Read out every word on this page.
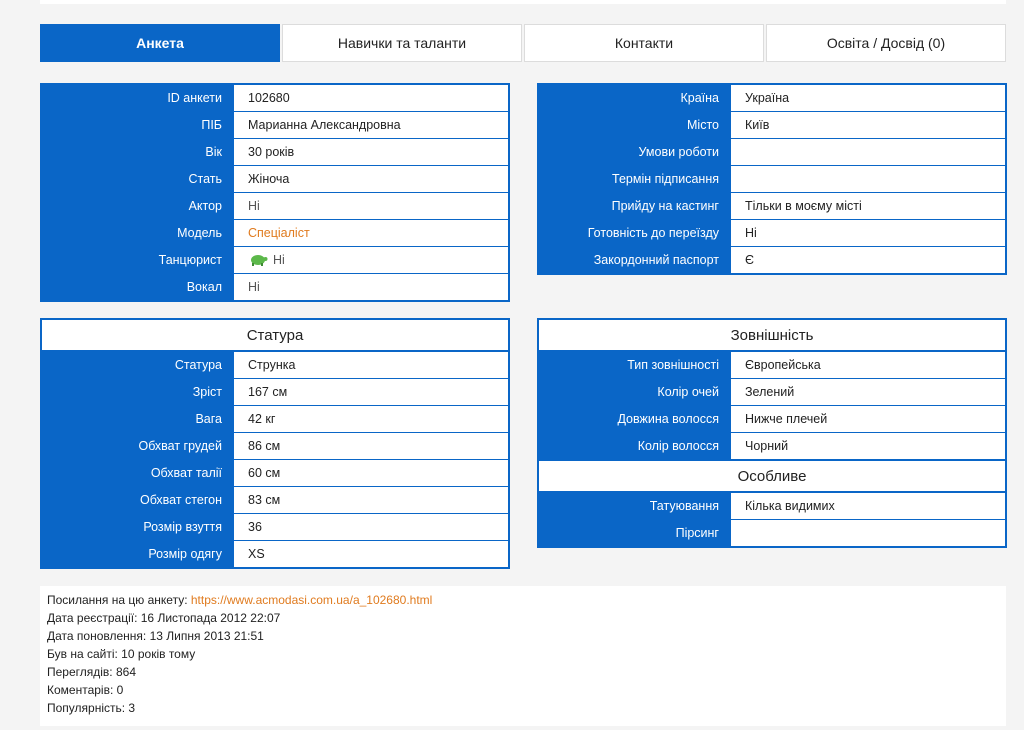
Анкета	Навички та таланти	Контакти	Освіта / Досвід (0)
ID анкети	102680
ПІБ	Марианна Александровна
Вік	30 років
Стать	Жіноча
Актор	Ні
Модель	Спеціаліст
Танцюрист	Ні
Вокал	Ні
Країна	Україна
Місто	Київ
Умови роботи
Термін підписання
Прийду на кастинг	Тільки в моєму місті
Готовність до переїзду	Ні
Закордонний паспорт	Є
Статура
Статура	Струнка
Зріст	167 см
Вага	42 кг
Обхват грудей	86 см
Обхват талії	60 см
Обхват стегон	83 см
Розмір взуття	36
Розмір одягу	XS
Зовнішність
Тип зовнішності	Європейська
Колір очей	Зелений
Довжина волосся	Нижче плечей
Колір волосся	Чорний
Особливе
Татуювання	Кілька видимих
Пірсинг
Посилання на цю анкету: https://www.acmodasi.com.ua/a_102680.html
Дата реєстрації: 16 Листопада 2012 22:07
Дата поновлення: 13 Липня 2013 21:51
Був на сайті: 10 років тому
Переглядів: 864
Коментарів: 0
Популярність: 3
